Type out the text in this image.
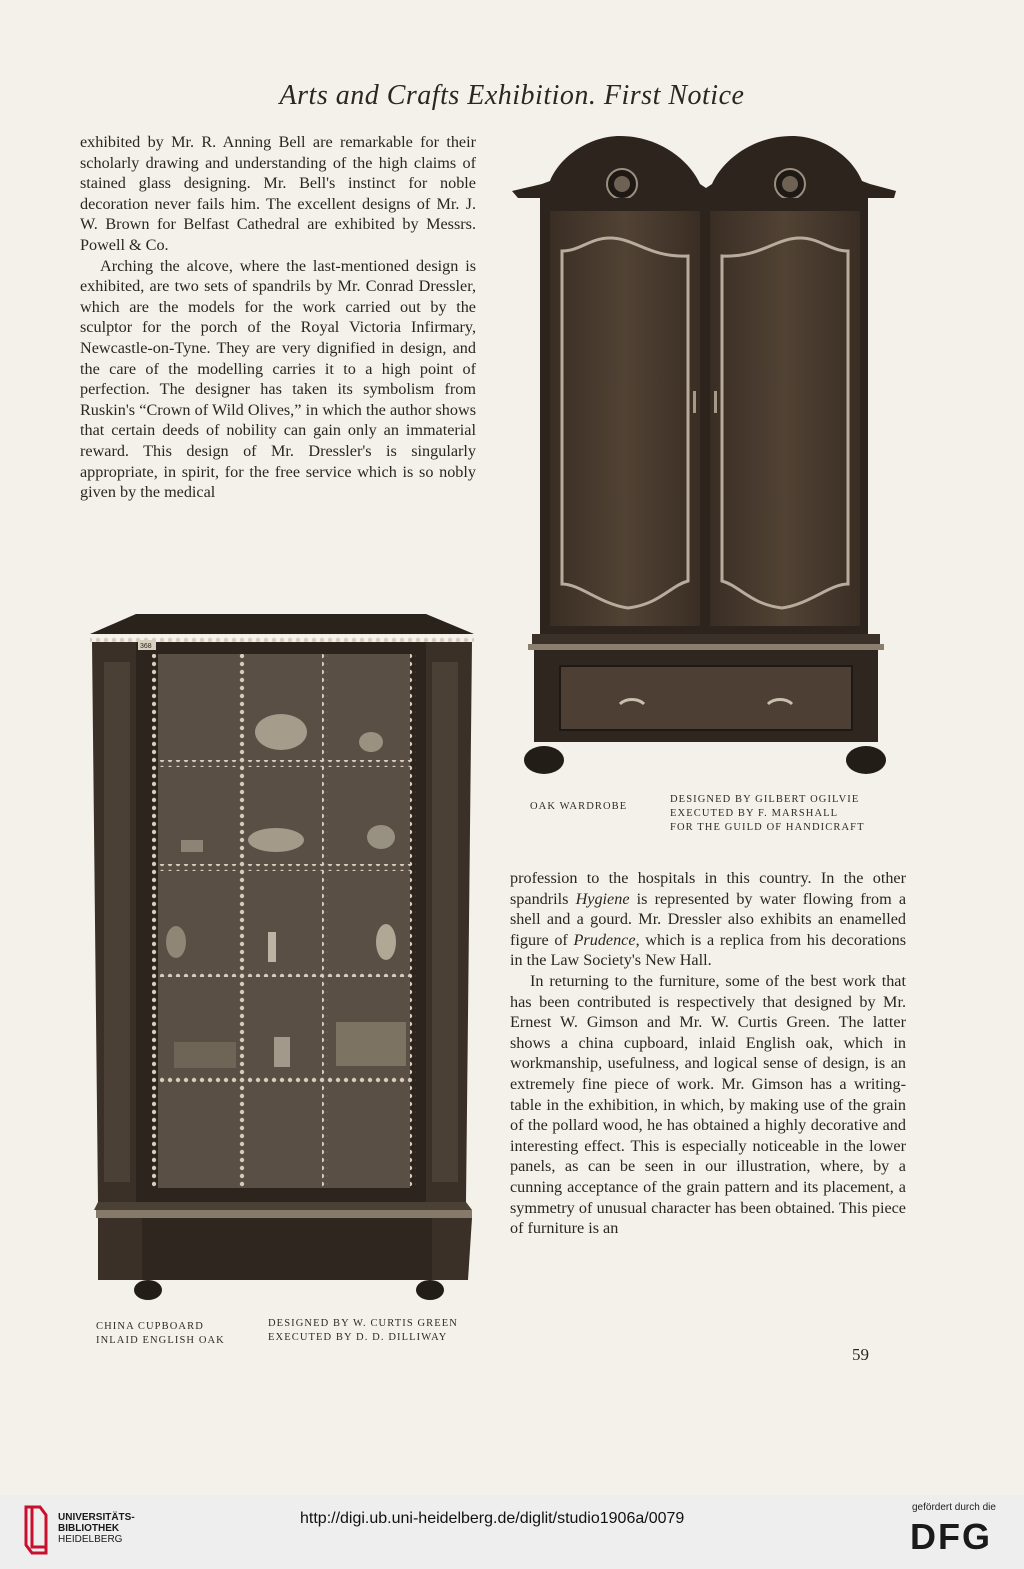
Arts and Crafts Exhibition. First Notice

exhibited by Mr. R. Anning Bell are remarkable for their scholarly drawing and understanding of the high claims of stained glass designing. Mr. Bell's instinct for noble decoration never fails him. The excellent designs of Mr. J. W. Brown for Belfast Cathedral are exhibited by Messrs. Powell & Co.

Arching the alcove, where the last-mentioned design is exhibited, are two sets of spandrils by Mr. Conrad Dressler, which are the models for the work carried out by the sculptor for the porch of the Royal Victoria Infirmary, Newcastle-on-Tyne. They are very dignified in design, and the care of the modelling carries it to a high point of perfection. The designer has taken its symbolism from Ruskin's “Crown of Wild Olives,” in which the author shows that certain deeds of nobility can gain only an immaterial reward. This design of Mr. Dressler's is singularly appropriate, in spirit, for the free service which is so nobly given by the medical

OAK WARDROBE
DESIGNED BY GILBERT OGILVIE
EXECUTED BY F. MARSHALL
FOR THE GUILD OF HANDICRAFT
368
CHINA CUPBOARD
INLAID ENGLISH OAK
DESIGNED BY W. CURTIS GREEN
EXECUTED BY D. D. DILLIWAY

profession to the hospitals in this country. In the other spandrils Hygiene is represented by water flowing from a shell and a gourd. Mr. Dressler also exhibits an enamelled figure of Prudence, which is a replica from his decorations in the Law Society's New Hall.

In returning to the furniture, some of the best work that has been contributed is respectively that designed by Mr. Ernest W. Gimson and Mr. W. Curtis Green. The latter shows a china cupboard, inlaid English oak, which in workmanship, usefulness, and logical sense of design, is an extremely fine piece of work. Mr. Gimson has a writing-table in the exhibition, in which, by making use of the grain of the pollard wood, he has obtained a highly decorative and interesting effect. This is especially noticeable in the lower panels, as can be seen in our illustration, where, by a cunning acceptance of the grain pattern and its placement, a symmetry of unusual character has been obtained. This piece of furniture is an

59
UNIVERSITÄTS-
BIBLIOTHEK
HEIDELBERG
http://digi.ub.uni-heidelberg.de/diglit/studio1906a/0079
gefördert durch die
DFG
